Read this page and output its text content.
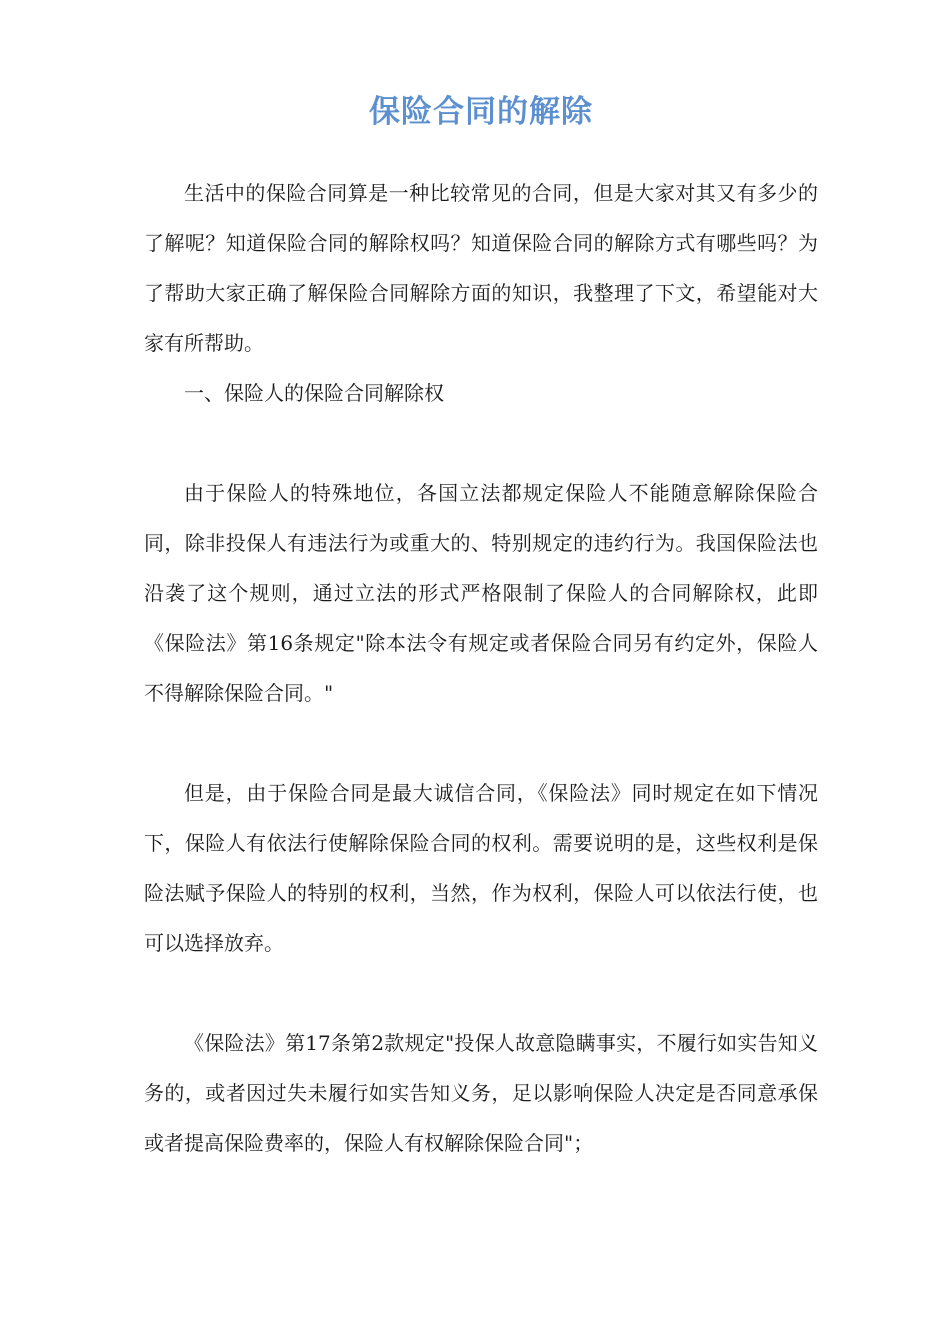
保险合同的解除

生活中的保险合同算是一种比较常见的合同，但是大家对其又有多少的了解呢？知道保险合同的解除权吗？知道保险合同的解除方式有哪些吗？为了帮助大家正确了解保险合同解除方面的知识，我整理了下文，希望能对大家有所帮助。

一、保险人的保险合同解除权

由于保险人的特殊地位，各国立法都规定保险人不能随意解除保险合同，除非投保人有违法行为或重大的、特别规定的违约行为。我国保险法也沿袭了这个规则，通过立法的形式严格限制了保险人的合同解除权，此即《保险法》第16条规定"除本法令有规定或者保险合同另有约定外，保险人不得解除保险合同。"

但是，由于保险合同是最大诚信合同，《保险法》同时规定在如下情况下，保险人有依法行使解除保险合同的权利。需要说明的是，这些权利是保险法赋予保险人的特别的权利，当然，作为权利，保险人可以依法行使，也可以选择放弃。

《保险法》第17条第2款规定"投保人故意隐瞒事实，不履行如实告知义务的，或者因过失未履行如实告知义务，足以影响保险人决定是否同意承保或者提高保险费率的，保险人有权解除保险合同"；
